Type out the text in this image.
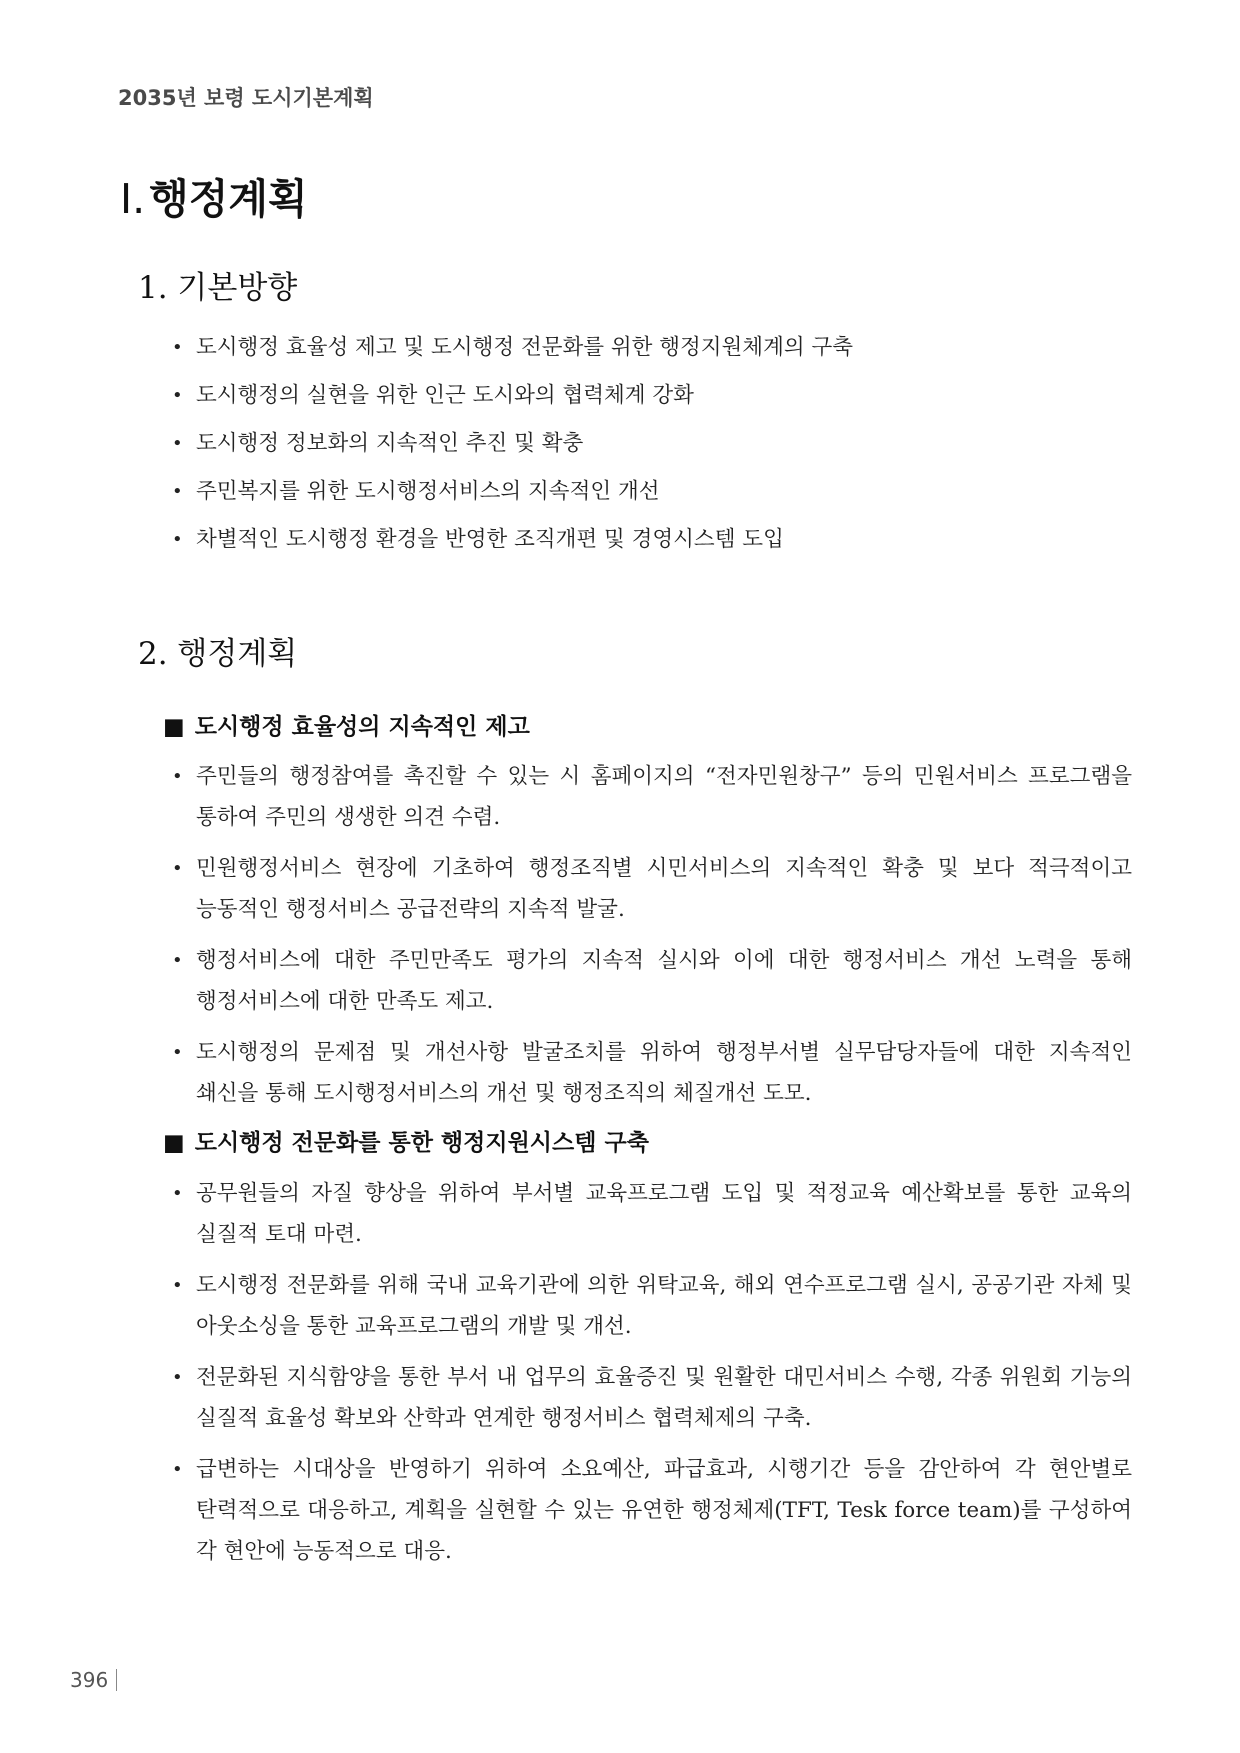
2035년 보령 도시기본계획
Ⅰ.행정계획
1. 기본방향
• 도시행정 효율성 제고 및 도시행정 전문화를 위한 행정지원체계의 구축
• 도시행정의 실현을 위한 인근 도시와의 협력체계 강화
• 도시행정 정보화의 지속적인 추진 및 확충
• 주민복지를 위한 도시행정서비스의 지속적인 개선
• 차별적인 도시행정 환경을 반영한 조직개편 및 경영시스템 도입
2. 행정계획
■ 도시행정 효율성의 지속적인 제고
• 주민들의 행정참여를 촉진할 수 있는 시 홈페이지의 “전자민원창구” 등의 민원서비스 프로그램을 통하여 주민의 생생한 의견 수렴.
• 민원행정서비스 현장에 기초하여 행정조직별 시민서비스의 지속적인 확충 및 보다 적극적이고 능동적인 행정서비스 공급전략의 지속적 발굴.
• 행정서비스에 대한 주민만족도 평가의 지속적 실시와 이에 대한 행정서비스 개선 노력을 통해 행정서비스에 대한 만족도 제고.
• 도시행정의 문제점 및 개선사항 발굴조치를 위하여 행정부서별 실무담당자들에 대한 지속적인 쇄신을 통해 도시행정서비스의 개선 및 행정조직의 체질개선 도모.
■ 도시행정 전문화를 통한 행정지원시스템 구축
• 공무원들의 자질 향상을 위하여 부서별 교육프로그램 도입 및 적정교육 예산확보를 통한 교육의 실질적 토대 마련.
• 도시행정 전문화를 위해 국내 교육기관에 의한 위탁교육, 해외 연수프로그램 실시, 공공기관 자체 및 아웃소싱을 통한 교육프로그램의 개발 및 개선.
• 전문화된 지식함양을 통한 부서 내 업무의 효율증진 및 원활한 대민서비스 수행, 각종 위원회 기능의 실질적 효율성 확보와 산학과 연계한 행정서비스 협력체제의 구축.
• 급변하는 시대상을 반영하기 위하여 소요예산, 파급효과, 시행기간 등을 감안하여 각 현안별로 탄력적으로 대응하고, 계획을 실현할 수 있는 유연한 행정체제(TFT, Tesk force team)를 구성하여 각 현안에 능동적으로 대응.
396
